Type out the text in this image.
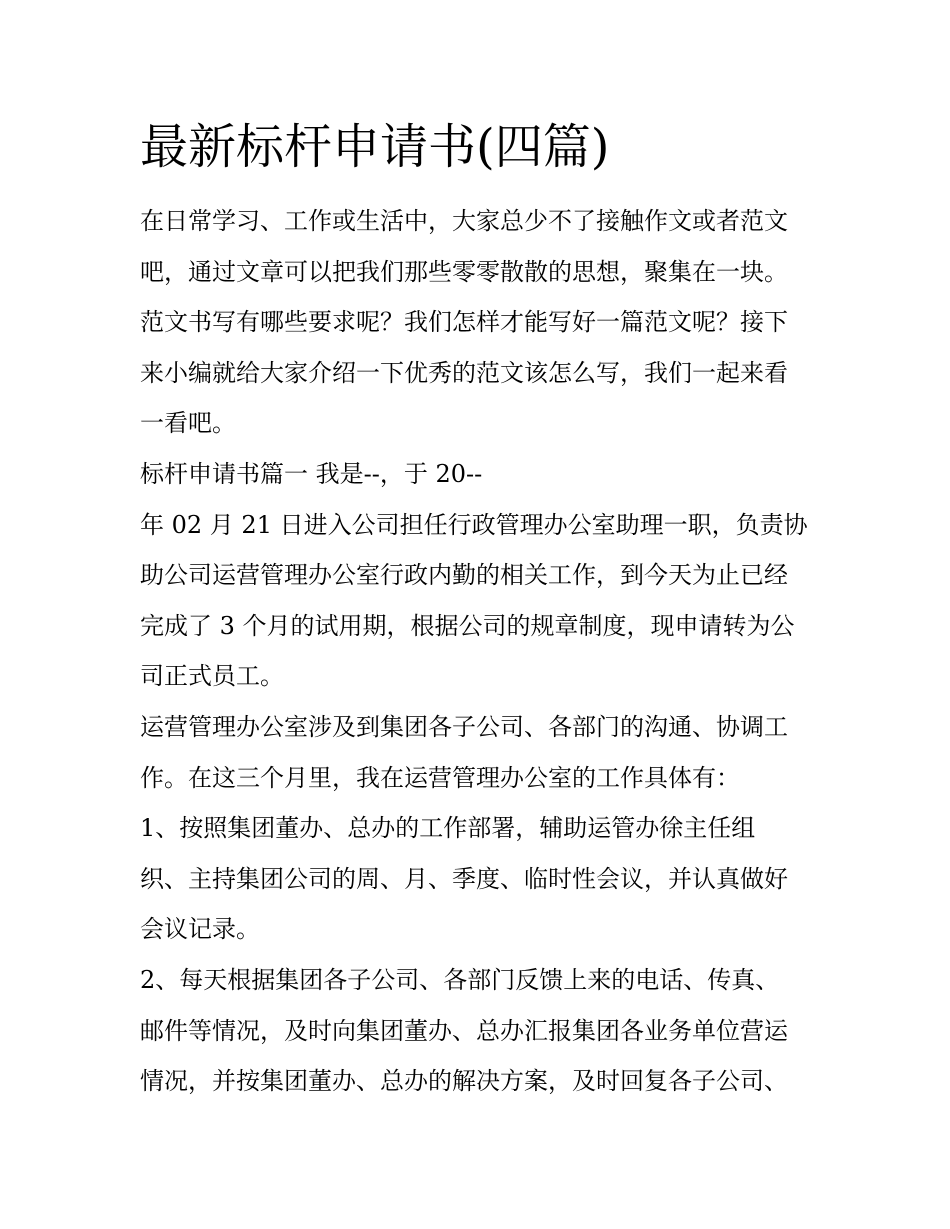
最新标杆申请书(四篇)
在日常学习、工作或生活中，大家总少不了接触作文或者范文
吧，通过文章可以把我们那些零零散散的思想，聚集在一块。
范文书写有哪些要求呢？我们怎样才能写好一篇范文呢？接下
来小编就给大家介绍一下优秀的范文该怎么写，我们一起来看
一看吧。
标杆申请书篇一 我是--，于 20--
年 02 月 21 日进入公司担任行政管理办公室助理一职，负责协
助公司运营管理办公室行政内勤的相关工作，到今天为止已经
完成了 3 个月的试用期，根据公司的规章制度，现申请转为公
司正式员工。
运营管理办公室涉及到集团各子公司、各部门的沟通、协调工
作。在这三个月里，我在运营管理办公室的工作具体有：
1、按照集团董办、总办的工作部署，辅助运管办徐主任组
织、主持集团公司的周、月、季度、临时性会议，并认真做好
会议记录。
2、每天根据集团各子公司、各部门反馈上来的电话、传真、
邮件等情况，及时向集团董办、总办汇报集团各业务单位营运
情况，并按集团董办、总办的解决方案，及时回复各子公司、
